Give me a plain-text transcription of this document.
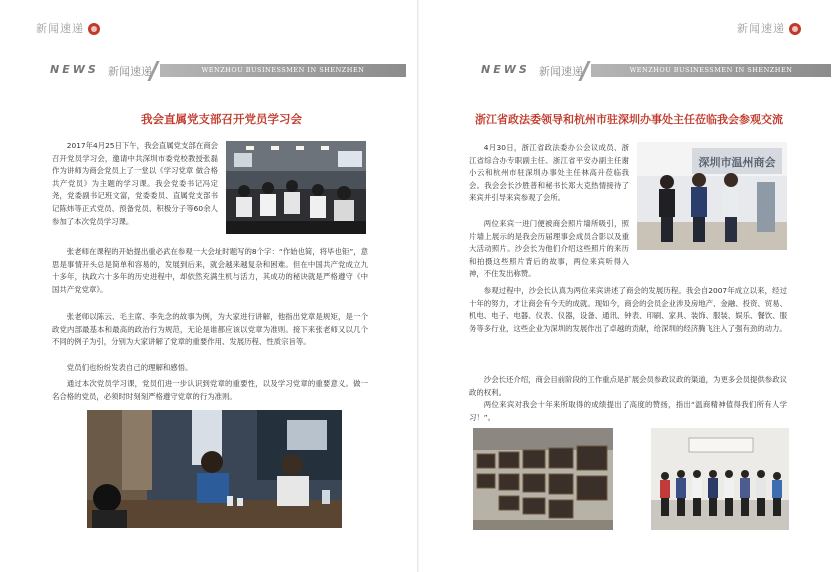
新闻速递
NEWS 新闻速递	WENZHOU BUSINESSMEN IN SHENZHEN
我会直属党支部召开党员学习会

2017年4月25日下午，我会直属党支部在商会召开党员学习会，邀请中共深圳市委党校教授张磊作为讲师为商会党员上了一堂以《学习党章 做合格共产党员》为主题的学习课。我会党委书记冯定尧，党委副书记班文富，党委委员、直属党支部书记陈炜等正式党员、预备党员、积极分子等60余人参加了本次党员学习课。

张老师在课程的开始提出重必武在参观一大会址时题写的8个字：“作始也简，将毕也钜”，意思是事情开头总是简单和容易的，发展到后来，就会越来越复杂和困难。但在中国共产党成立九十多年，执政六十多年的历史进程中，却依然充满生机与活力，其成功的秘诀就是严格遵守《中国共产党党章》。

张老师以陈云、毛主席、李先念的故事为例，为大家进行讲解，他指出党章是规矩，是一个政党内部最基本和最高的政治行为规范，无论是谁都应该以党章为准则。接下来张老师又以几个不同的例子为引，分别为大家讲解了党章的重要作用、发展历程、性质宗旨等。

党员们也纷纷发表自己的理解和感悟。

通过本次党员学习课，党员们进一步认识到党章的重要性，以及学习党章的重要意义。做一名合格的党员，必须时时刻刻严格遵守党章的行为准则。

新闻速递
NEWS 新闻速递	WENZHOU BUSINESSMEN IN SHENZHEN
浙江省政法委领导和杭州市驻深圳办事处主任莅临我会参观交流

4月30日，浙江省政法委办公会议成员、浙江省综合办专职副主任、浙江省平安办副主任谢小云和杭州市驻深圳办事处主任林高升莅临我会。我会会长沙胜普和秘书长郑大克热情接待了来宾并引导来宾参观了会所。

深圳市温州商会

两位来宾一进门便被商会照片墙所吸引，照片墙上展示的是我会历届理事会成员合影以及重大活动照片。沙会长为他们介绍这些照片的来历和拍摄这些照片背后的故事，两位来宾听得入神，不住发出称赞。

参观过程中，沙会长认真为两位来宾讲述了商会的发展历程。我会自2007年成立以来，经过十年的努力，才让商会有今天的成就。现如今，商会的会员企业涉及房地产、金融、投资、贸易、机电、电子、电器、仪表、仪器，设备、通讯、钟表、印刷、家具、装饰、服装、娱乐、餐饮、服务等多行业，这些企业为深圳的发展作出了卓越的贡献，给深圳的经济腾飞注入了强有劲的动力。

沙会长还介绍，商会目前阶段的工作重点是扩展会员参政议政的渠道，为更多会员提供参政议政的权利。

两位来宾对我会十年来所取得的成绩提出了高度的赞扬，指出“温商精神值得我们所有人学习！”。
